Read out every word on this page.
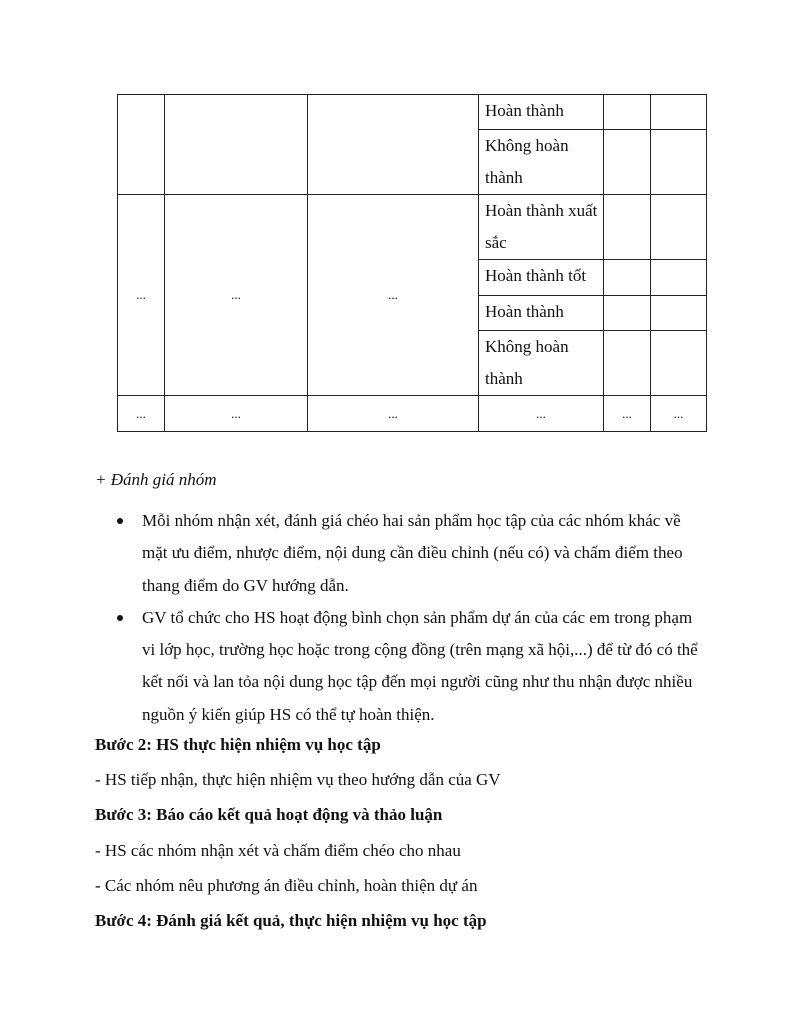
			Hoàn thành		
			Không hoàn thành		
...	...	...	Hoàn thành xuất sắc		
			Hoàn thành tốt		
			Hoàn thành		
			Không hoàn thành		
...	...	...	...	...	...

+ Đánh giá nhóm

Mỗi nhóm nhận xét, đánh giá chéo hai sản phẩm học tập của các nhóm khác về mặt ưu điểm, nhược điểm, nội dung cần điều chỉnh (nếu có) và chấm điểm theo thang điểm do GV hướng dẫn.
GV tổ chức cho HS hoạt động bình chọn sản phẩm dự án của các em trong phạm vi lớp học, trường học hoặc trong cộng đồng (trên mạng xã hội,...) để từ đó có thể kết nối và lan tỏa nội dung học tập đến mọi người cũng như thu nhận được nhiều nguồn ý kiến giúp HS có thể tự hoàn thiện.

Bước 2: HS thực hiện nhiệm vụ học tập

- HS tiếp nhận, thực hiện nhiệm vụ theo hướng dẫn của GV

Bước 3: Báo cáo kết quả hoạt động và thảo luận

- HS các nhóm nhận xét và chấm điểm chéo cho nhau

- Các nhóm nêu phương án điều chỉnh, hoàn thiện dự án

Bước 4: Đánh giá kết quả, thực hiện nhiệm vụ học tập
